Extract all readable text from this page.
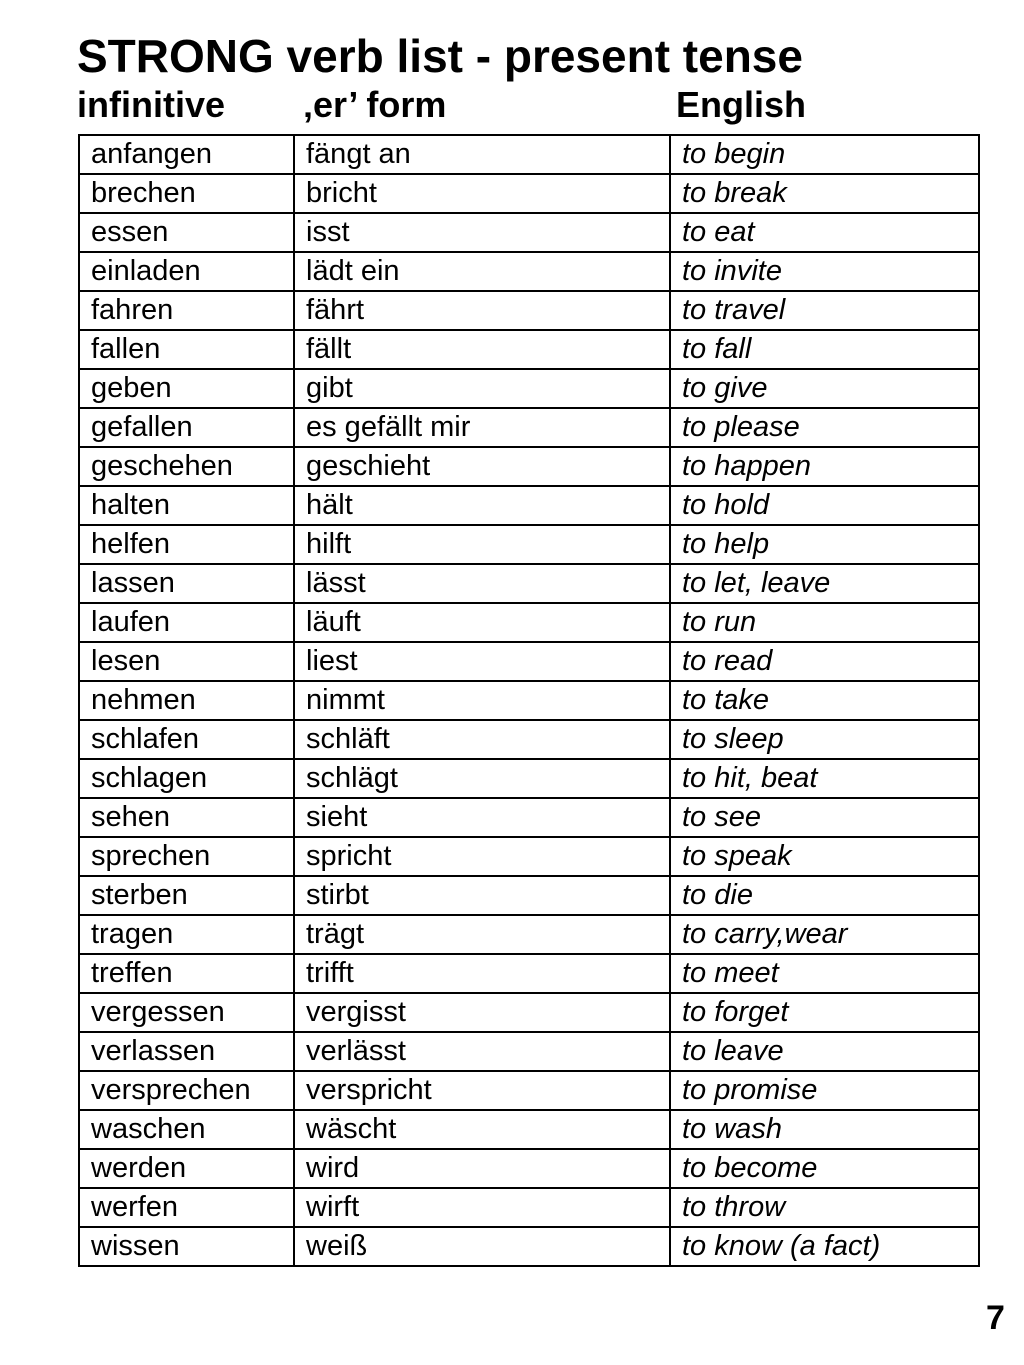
STRONG verb list - present tense
infinitive ‚er’ form	English
anfangen	fängt an	to begin
brechen	bricht	to break
essen	isst	to eat
einladen	lädt ein	to invite
fahren	fährt	to travel
fallen	fällt	to fall
geben	gibt	to give
gefallen	es gefällt mir	to please
geschehen	geschieht	to happen
halten	hält	to hold
helfen	hilft	to help
lassen	lässt	to let, leave
laufen	läuft	to run
lesen	liest	to read
nehmen	nimmt	to take
schlafen	schläft	to sleep
schlagen	schlägt	to hit, beat
sehen	sieht	to see
sprechen	spricht	to speak
sterben	stirbt	to die
tragen	trägt	to carry,wear
treffen	trifft	to meet
vergessen	vergisst	to forget
verlassen	verlässt	to leave
versprechen	verspricht	to promise
waschen	wäscht	to wash
werden	wird	to become
werfen	wirft	to throw
wissen	weiß	to know (a fact)
7
